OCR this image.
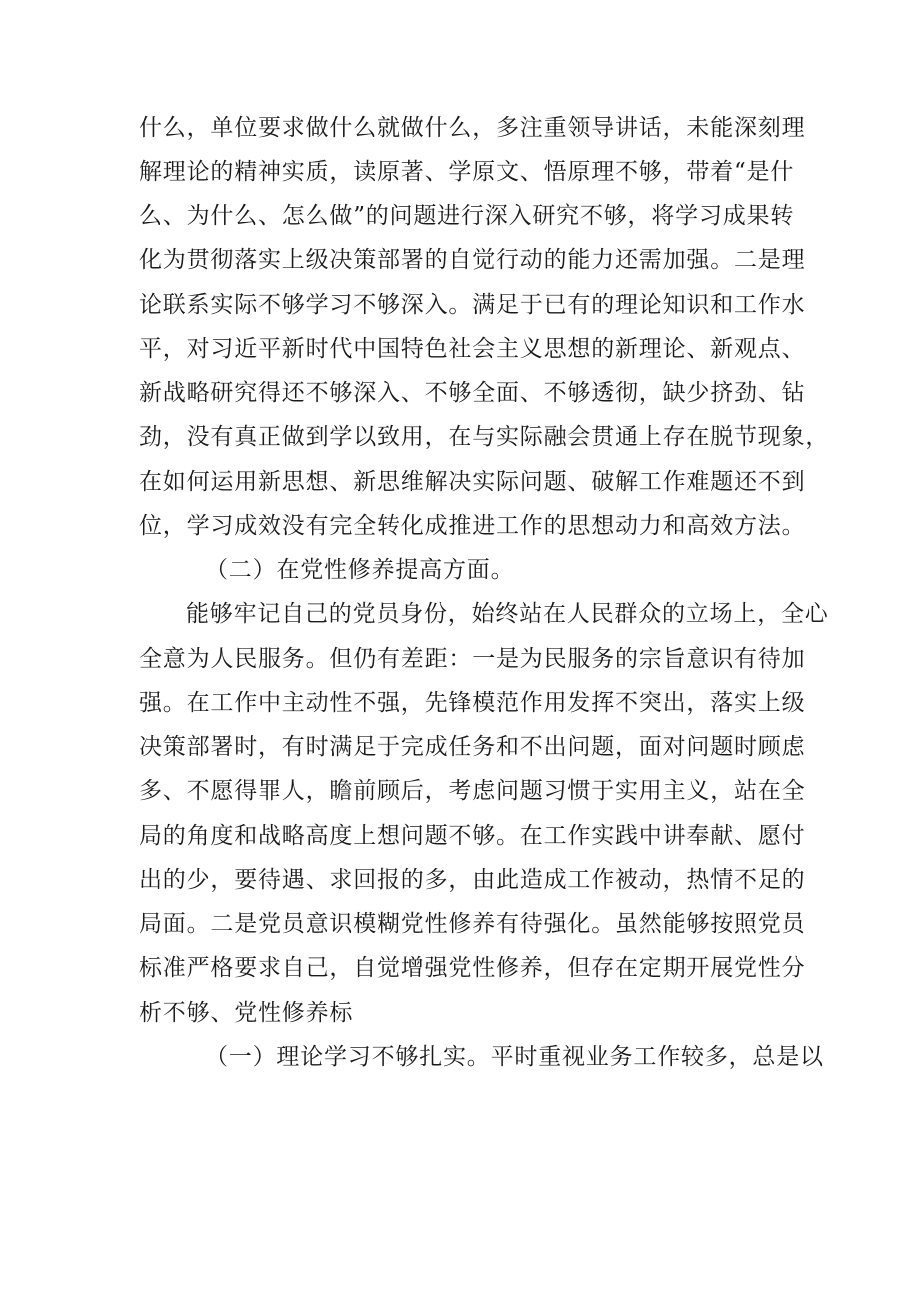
什么，单位要求做什么就做什么，多注重领导讲话，未能深刻理
解理论的精神实质，读原著、学原文、悟原理不够，带着“是什
么、为什么、怎么做”的问题进行深入研究不够，将学习成果转
化为贯彻落实上级决策部署的自觉行动的能力还需加强。二是理
论联系实际不够学习不够深入。满足于已有的理论知识和工作水
平，对习近平新时代中国特色社会主义思想的新理论、新观点、
新战略研究得还不够深入、不够全面、不够透彻，缺少挤劲、钻
劲，没有真正做到学以致用，在与实际融会贯通上存在脱节现象，
在如何运用新思想、新思维解决实际问题、破解工作难题还不到
位，学习成效没有完全转化成推进工作的思想动力和高效方法。
（二）在党性修养提高方面。
能够牢记自己的党员身份，始终站在人民群众的立场上，全心
全意为人民服务。但仍有差距：一是为民服务的宗旨意识有待加
强。在工作中主动性不强，先锋模范作用发挥不突出，落实上级
决策部署时，有时满足于完成任务和不出问题，面对问题时顾虑
多、不愿得罪人，瞻前顾后，考虑问题习惯于实用主义，站在全
局的角度和战略高度上想问题不够。在工作实践中讲奉献、愿付
出的少，要待遇、求回报的多，由此造成工作被动，热情不足的
局面。二是党员意识模糊党性修养有待强化。虽然能够按照党员
标准严格要求自己，自觉增强党性修养，但存在定期开展党性分
析不够、党性修养标
（一）理论学习不够扎实。平时重视业务工作较多，总是以
